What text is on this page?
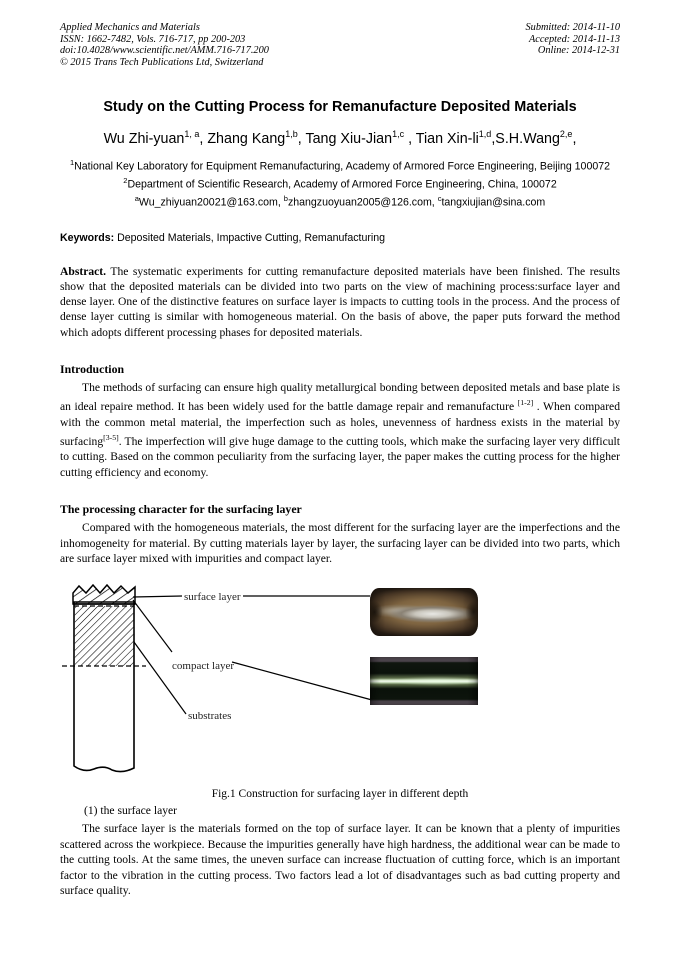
Applied Mechanics and Materials
ISSN: 1662-7482, Vols. 716-717, pp 200-203
doi:10.4028/www.scientific.net/AMM.716-717.200
© 2015 Trans Tech Publications Ltd, Switzerland
Submitted: 2014-11-10
Accepted: 2014-11-13
Online: 2014-12-31
Study on the Cutting Process for Remanufacture Deposited Materials
Wu Zhi-yuan$^{1, a}$, Zhang Kang$^{1,b}$, Tang Xiu-Jian$^{1,c}$ , Tian Xin-li$^{1,d}$,S.H.Wang$^{2,e}$,
$^1$National Key Laboratory for Equipment Remanufacturing, Academy of Armored Force Engineering, Beijing 100072
$^2$Department of Scientific Research, Academy of Armored Force Engineering, China, 100072
$^a$Wu_zhiyuan20021@163.com, $^b$zhangzuoyuan2005@126.com, $^c$tangxiujian@sina.com
Keywords: Deposited Materials, Impactive Cutting, Remanufacturing
Abstract. The systematic experiments for cutting remanufacture deposited materials have been finished. The results show that the deposited materials can be divided into two parts on the view of machining process:surface layer and dense layer. One of the distinctive features on surface layer is impacts to cutting tools in the process. And the process of dense layer cutting is similar with homogeneous material. On the basis of above, the paper puts forward the method which adopts different processing phases for deposited materials.
Introduction
The methods of surfacing can ensure high quality metallurgical bonding between deposited metals and base plate is an ideal repaire method. It has been widely used for the battle damage repair and remanufacture [1-2] . When compared with the common metal material, the imperfection such as holes, unevenness of hardness exists in the material by surfacing[3-5]. The imperfection will give huge damage to the cutting tools, which make the surfacing layer very difficult to cutting. Based on the common peculiarity from the surfacing layer, the paper makes the cutting process for the higher cutting efficiency and economy.
The processing character for the surfacing layer
Compared with the homogeneous materials, the most different for the surfacing layer are the imperfections and the inhomogeneity for material. By cutting materials layer by layer, the surfacing layer can be divided into two parts, which are surface layer mixed with impurities and compact layer.
surface layer
compact layer
substrates
Fig.1 Construction for surfacing layer in different depth
(1) the surface layer
The surface layer is the materials formed on the top of surface layer. It can be known that a plenty of impurities scattered across the workpiece. Because the impurities generally have high hardness, the additional wear can be made to the cutting tools. At the same times, the uneven surface can increase fluctuation of cutting force, which is an important factor to the vibration in the cutting process. Two factors lead a lot of disadvantages such as bad cutting property and surface quality.
